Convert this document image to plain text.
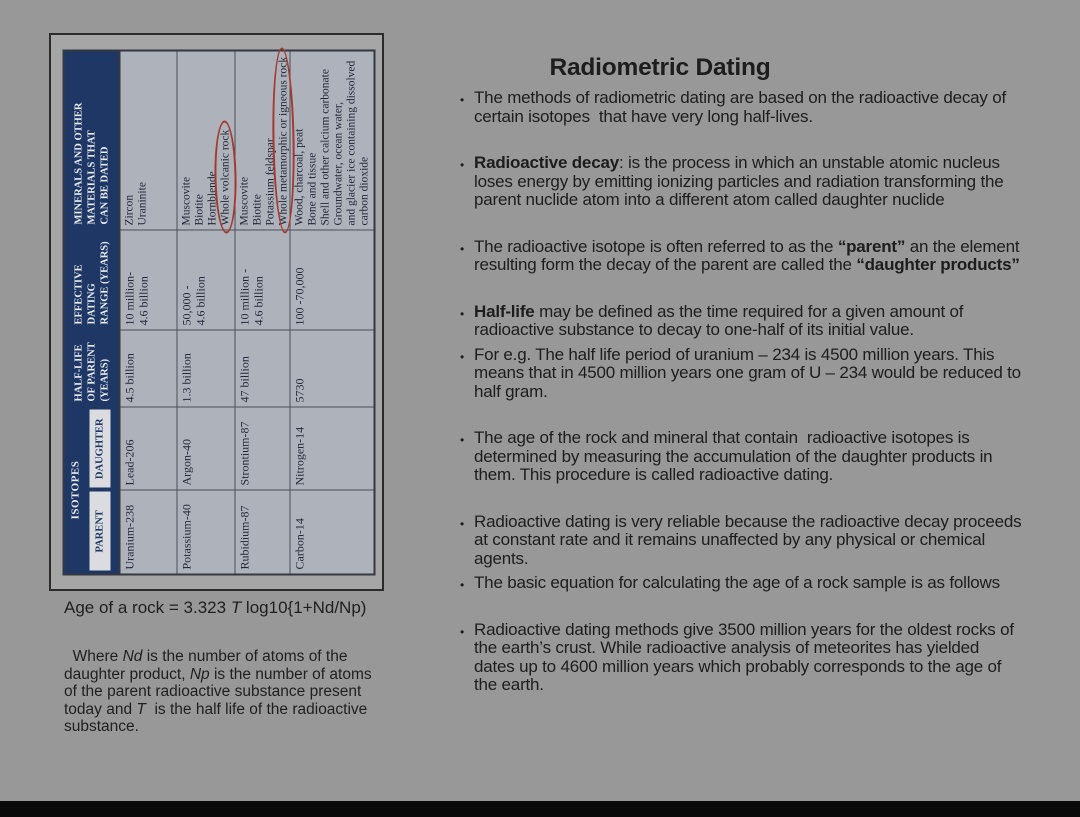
ISOTOPES
PARENT
DAUGHTER
HALF-LIFE OF PARENT (YEARS)
EFFECTIVE DATING RANGE (YEARS)
MINERALS AND OTHER MATERIALS THAT CAN BE DATED
Uranium-238
Lead-206
4.5 billion
10 million- 4.6 billion
Zircon Uraninite
Potassium-40
Argon-40
1.3 billion
50,000 - 4.6 billion
Muscovite Biotite Hornblende Whole volcanic rock
Rubidium-87
Strontium-87
47 billion
10 million - 4.6 billion
Muscovite Biotite Potassium feldspar Whole metamorphic or igneous rock
Carbon-14
Nitrogen-14
5730
100 -70,000
Wood, charcoal, peat Bone and tissue Shell and other calcium carbonate Groundwater, ocean water, and glacier ice containing dissolved carbon dioxide
Age of a rock = 3.323 T log10{1+Nd/Np)
Where Nd is the number of atoms of the daughter product, Np is the number of atoms of the parent radioactive substance present today and T  is the half life of the radioactive substance.
Radiometric Dating
• The methods of radiometric dating are based on the radioactive decay of certain isotopes  that have very long half-lives.
• Radioactive decay: is the process in which an unstable atomic nucleus  loses energy by emitting ionizing particles and radiation transforming the parent nuclide atom into a different atom called daughter nuclide
• The radioactive isotope is often referred to as the “parent” an the element resulting form the decay of the parent are called the “daughter products”
• Half-life may be defined as the time required for a given amount of radioactive substance to decay to one-half of its initial value.
• For e.g. The half life period of uranium – 234 is 4500 million years. This means that in 4500 million years one gram of U – 234 would be reduced to half gram.
• The age of the rock and mineral that contain  radioactive isotopes is determined by measuring the accumulation of the daughter products in them. This procedure is called radioactive dating.
• Radioactive dating is very reliable because the radioactive decay proceeds at constant rate and it remains unaffected by any physical or chemical agents.
• The basic equation for calculating the age of a rock sample is as follows
• Radioactive dating methods give 3500 million years for the oldest rocks of the earth’s crust. While radioactive analysis of meteorites has yielded dates up to 4600 million years which probably corresponds to the age of the earth.
